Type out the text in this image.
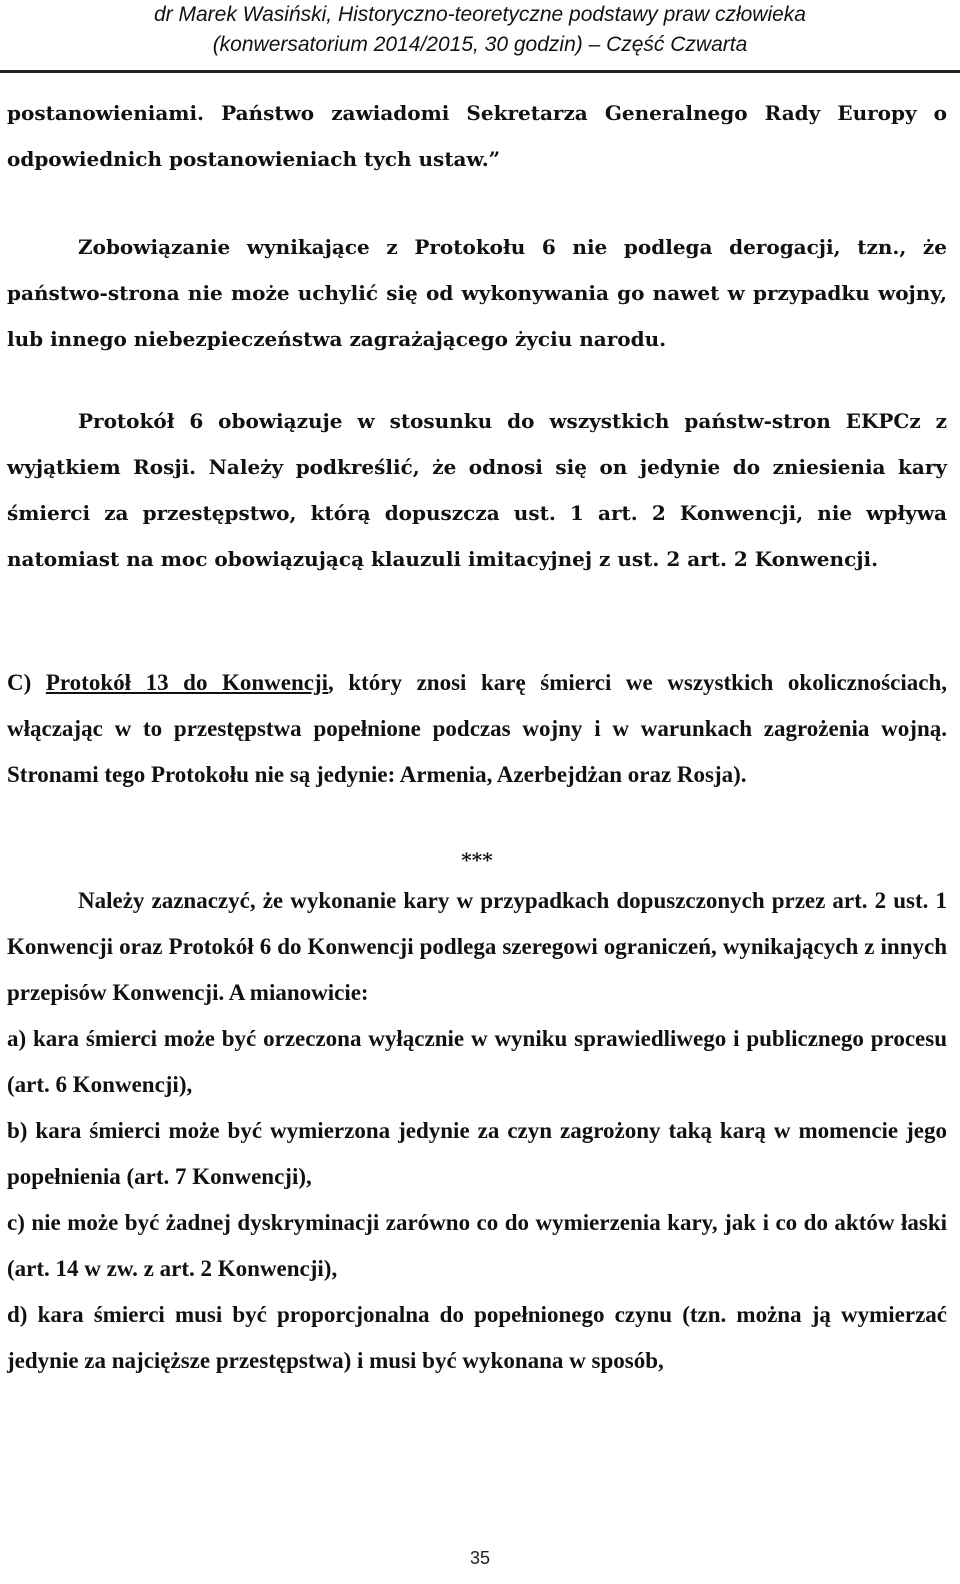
dr Marek Wasiński, Historyczno-teoretyczne podstawy praw człowieka
(konwersatorium 2014/2015, 30 godzin) – Część Czwarta

postanowieniami. Państwo zawiadomi Sekretarza Generalnego Rady Europy o odpowiednich postanowieniach tych ustaw.”

Zobowiązanie wynikające z Protokołu 6 nie podlega derogacji, tzn., że państwo-strona nie może uchylić się od wykonywania go nawet w przypadku wojny, lub innego niebezpieczeństwa zagrażającego życiu narodu.

Protokół 6 obowiązuje w stosunku do wszystkich państw-stron EKPCz z wyjątkiem Rosji. Należy podkreślić, że odnosi się on jedynie do zniesienia kary śmierci za przestępstwo, którą dopuszcza ust. 1 art. 2 Konwencji, nie wpływa natomiast na moc obowiązującą klauzuli imitacyjnej z ust. 2 art. 2 Konwencji.

C) Protokół 13 do Konwencji, który znosi karę śmierci we wszystkich okolicznościach, włączając w to przestępstwa popełnione podczas wojny i w warunkach zagrożenia wojną. Stronami tego Protokołu nie są jedynie: Armenia, Azerbejdżan oraz Rosja).

***

Należy zaznaczyć, że wykonanie kary w przypadkach dopuszczonych przez art. 2 ust. 1 Konwencji oraz Protokół 6 do Konwencji podlega szeregowi ograniczeń, wynikających z innych przepisów Konwencji. A mianowicie:

a) kara śmierci może być orzeczona wyłącznie w wyniku sprawiedliwego i publicznego procesu (art. 6 Konwencji),

b) kara śmierci może być wymierzona jedynie za czyn zagrożony taką karą w momencie jego popełnienia (art. 7 Konwencji),

c) nie może być żadnej dyskryminacji zarówno co do wymierzenia kary, jak i co do aktów łaski (art. 14 w zw. z art. 2 Konwencji),

d) kara śmierci musi być proporcjonalna do popełnionego czynu (tzn. można ją wymierzać jedynie za najcięższe przestępstwa) i musi być wykonana w sposób,

35
